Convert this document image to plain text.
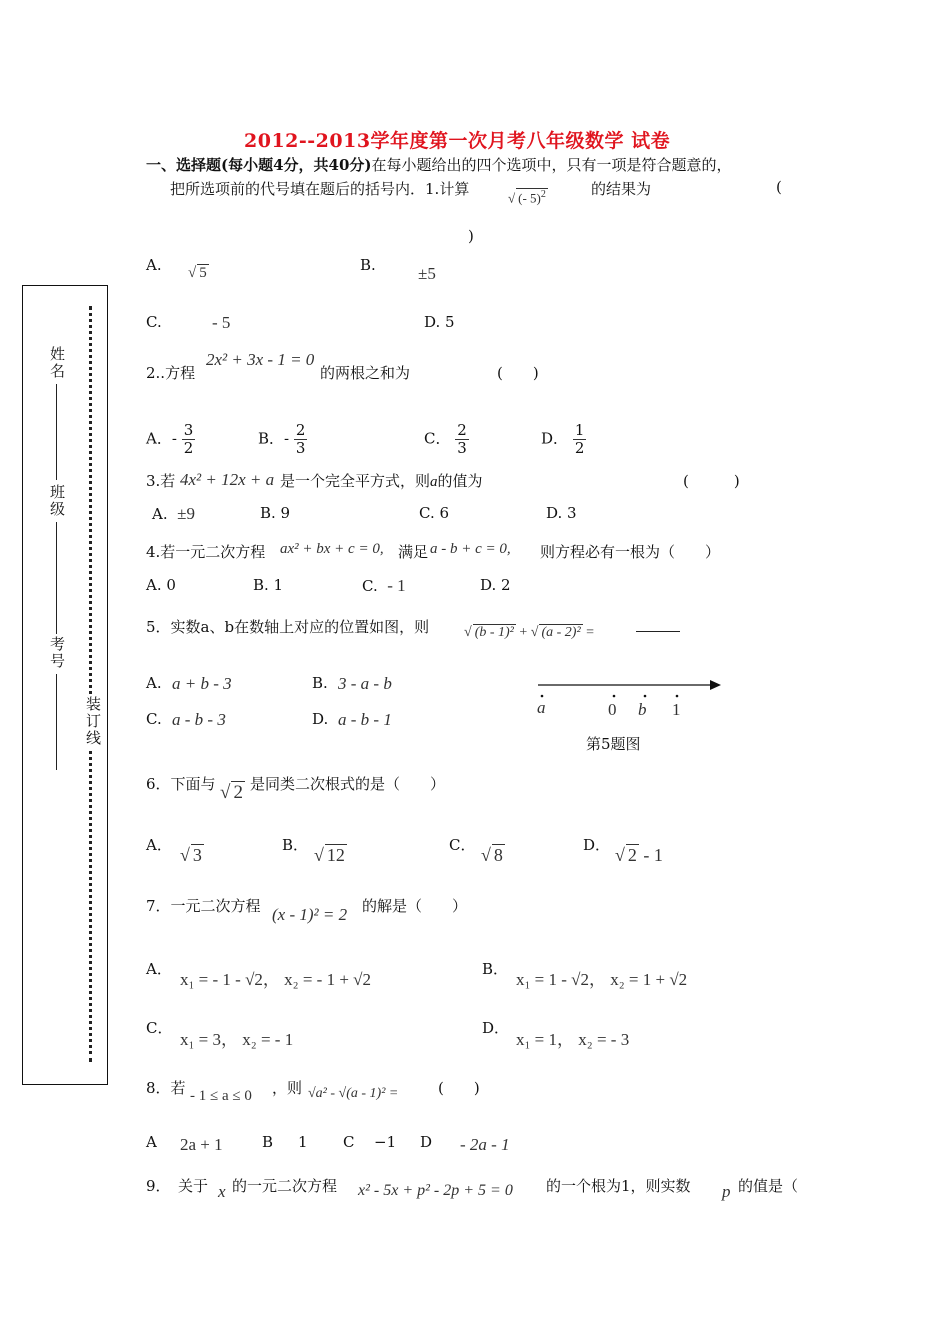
2012--2013学年度第一次月考八年级数学 试卷
姓名
班级
考号
装订线
一、选择题(每小题4分，共40分)在每小题给出的四个选项中，只有一项是符合题意的，
把所选项前的代号填在题后的括号内．1.计算	√ (- 5)$^2$	的结果为	(
)
A. √ 5	B. ±5
C.	- 5	D. 5
2..方程
2x² + 3x - 1 = 0
的两根之和为	(　　)
A．- $\frac{3}{2}$	B．- $\frac{2}{3}$	C． $\frac{2}{3}$	D． $\frac{1}{2}$
3.若 4x² + 12x + a 是一个完全平方式，则a的值为	(　　　)
A. ±9	B. 9	C. 6	D. 3
4.若一元二次方程 ax² + bx + c = 0, 满足 a - b + c = 0, 则方程必有一根为（　　）
A. 0	B. 1	C. - 1	D. 2
5．实数a、b在数轴上对应的位置如图，则 √ (b - 1)² + √ (a - 2)² =
A. a + b - 3	B. 3 - a - b
C. a - b - 3	D. a - b - 1
a	0 b 1
第5题图
6．下面与 √ 2 是同类二次根式的是（　　）
A． √ 3	B． √ 12	C． √ 8	D． √ 2 - 1
7．一元二次方程 (x - 1)² = 2 的解是（　　）
A．
x₁ = - 1 - √2， x₂ = - 1 + √2
B．
x₁ = 1 - √2， x₂ = 1 + √2
C．
x₁ = 3， x₂ = - 1
D．
x₁ = 1， x₂ = - 3
8．若 - 1 ≤ a ≤ 0 ，则 √a² - √(a - 1)² =	(　　)
A 2a + 1	B 1 C −1 D - 2a - 1
9．　关于 x 的一元二次方程 x² - 5x + p² - 2p + 5 = 0 的一个根为1，则实数 p 的值是（
